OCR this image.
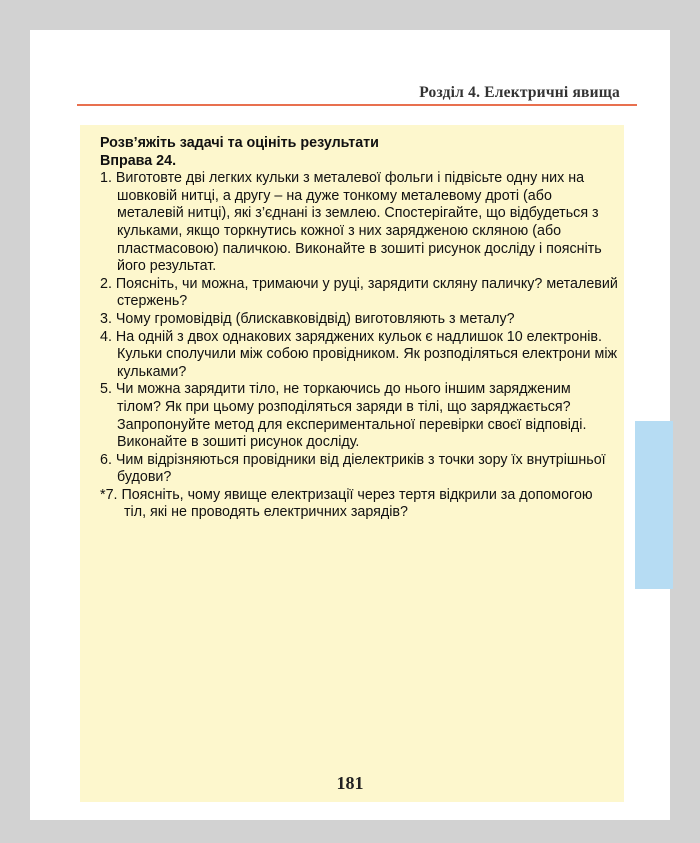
Розділ 4. Електричні явища
Розв’яжіть задачі та оцініть результати
Вправа 24.
1. Виготовте дві легких кульки з металевої фольги і підвісьте одну них на шовковій нитці, а другу – на дуже тонкому металевому дроті (або металевій нитці), які з’єднані із землею. Спостерігайте, що відбудеться з кульками, якщо торкнутись кожної з них зарядженою скляною (або пластмасовою) паличкою. Виконайте в зошиті рисунок досліду і поясніть його результат.
2. Поясніть, чи можна, тримаючи у руці, зарядити скляну паличку? металевий стержень?
3. Чому громовідвід (блискавковідвід) виготовляють з металу?
4. На одній з двох однакових заряджених кульок є надлишок 10 електронів. Кульки сполучили між собою провідником. Як розподіляться електрони між кульками?
5. Чи можна зарядити тіло, не торкаючись до нього іншим зарядженим тілом? Як при цьому розподіляться заряди в тілі, що заряджається? Запропонуйте метод для експериментальної перевірки своєї відповіді. Виконайте в зошиті рисунок досліду.
6. Чим відрізняються провідники від діелектриків з точки зору їх внутрішньої будови?
*7. Поясніть, чому явище електризації через тертя відкрили за допомогою тіл, які не проводять електричних зарядів?
181
